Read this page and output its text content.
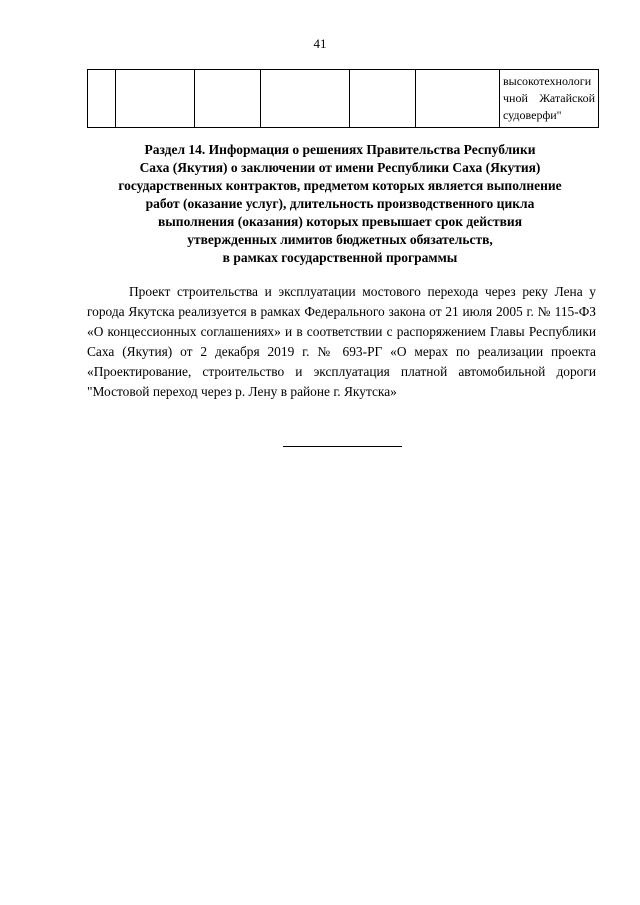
41

высокотехнологи
чной Жатайской
судоверфи"
Раздел 14. Информация о решениях Правительства Республики
Саха (Якутия) о заключении от имени Республики Саха (Якутия)
государственных контрактов, предметом которых является выполнение
работ (оказание услуг), длительность производственного цикла
выполнения (оказания) которых превышает срок действия
утвержденных лимитов бюджетных обязательств,
в рамках государственной программы

Проект строительства и эксплуатации мостового перехода через реку Лена у города Якутска реализуется в рамках Федерального закона от 21 июля 2005 г. № 115-ФЗ «О концессионных соглашениях» и в соответствии с распоряжением Главы Республики Саха (Якутия) от 2 декабря 2019 г. № 693-РГ «О мерах по реализации проекта «Проектирование, строительство и эксплуатация платной автомобильной дороги "Мостовой переход через р. Лену в районе г. Якутска»
